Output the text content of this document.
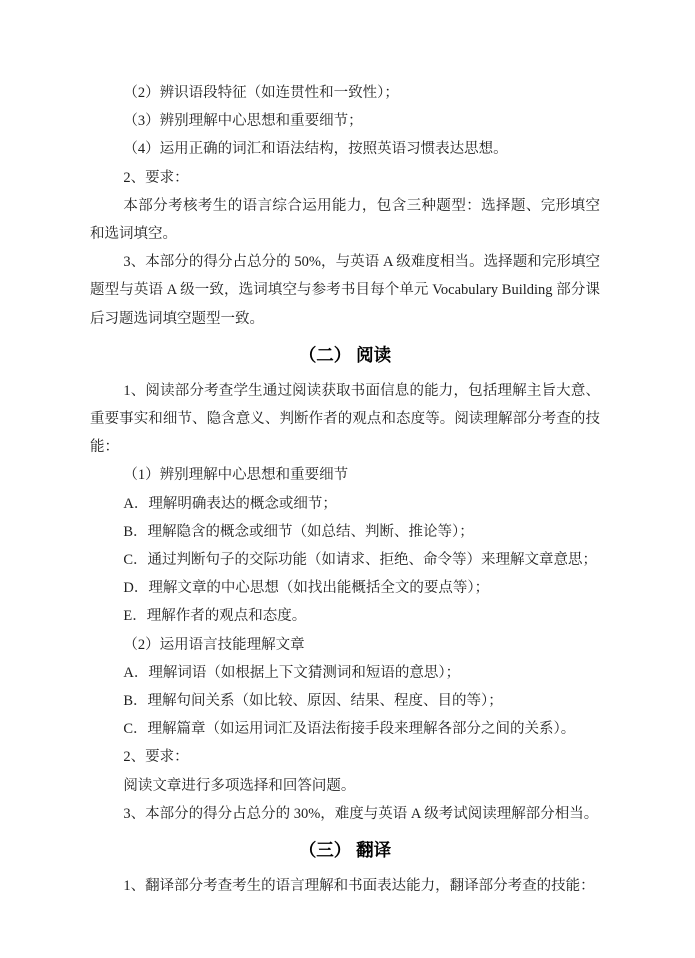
（2）辨识语段特征（如连贯性和一致性）；

（3）辨别理解中心思想和重要细节；

（4）运用正确的词汇和语法结构，按照英语习惯表达思想。

2、要求：

本部分考核考生的语言综合运用能力，包含三种题型：选择题、完形填空和选词填空。

3、本部分的得分占总分的 50%，与英语 A 级难度相当。选择题和完形填空题型与英语 A 级一致，选词填空与参考书目每个单元 Vocabulary Building 部分课后习题选词填空题型一致。

（二） 阅读

1、阅读部分考查学生通过阅读获取书面信息的能力，包括理解主旨大意、重要事实和细节、隐含意义、判断作者的观点和态度等。阅读理解部分考查的技能：

（1）辨别理解中心思想和重要细节

A．理解明确表达的概念或细节；

B．理解隐含的概念或细节（如总结、判断、推论等）；

C．通过判断句子的交际功能（如请求、拒绝、命令等）来理解文章意思；

D．理解文章的中心思想（如找出能概括全文的要点等）；

E．理解作者的观点和态度。

（2）运用语言技能理解文章

A．理解词语（如根据上下文猜测词和短语的意思）；

B．理解句间关系（如比较、原因、结果、程度、目的等）；

C．理解篇章（如运用词汇及语法衔接手段来理解各部分之间的关系）。

2、要求：

阅读文章进行多项选择和回答问题。

3、本部分的得分占总分的 30%，难度与英语 A 级考试阅读理解部分相当。

（三） 翻译

1、翻译部分考查考生的语言理解和书面表达能力，翻译部分考查的技能：
